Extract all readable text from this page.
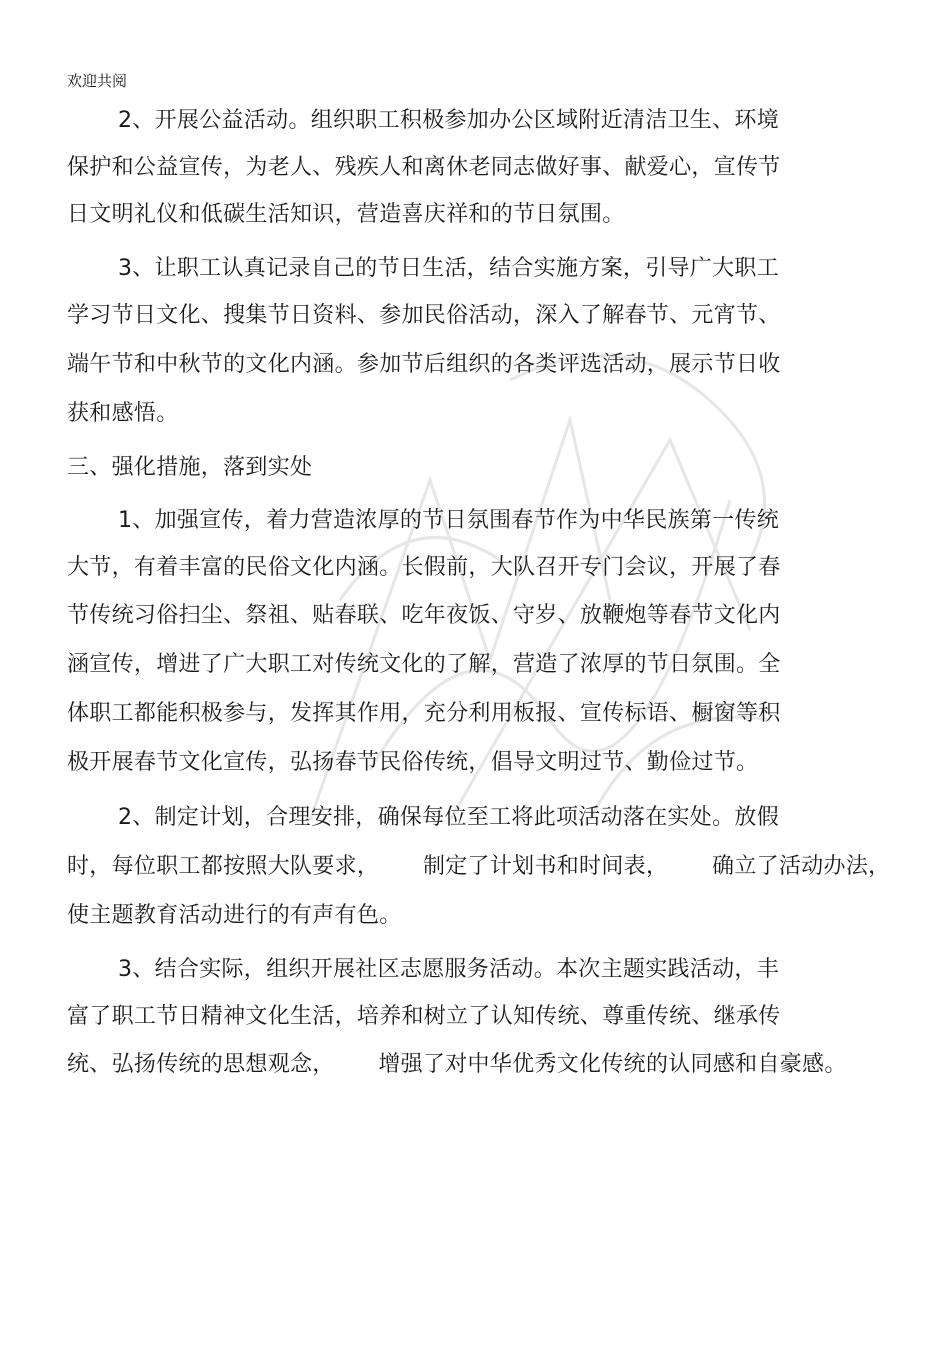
欢迎共阅
2、开展公益活动。组织职工积极参加办公区域附近清洁卫生、环境
保护和公益宣传，为老人、残疾人和离休老同志做好事、献爱心，宣传节
日文明礼仪和低碳生活知识，营造喜庆祥和的节日氛围。
3、让职工认真记录自己的节日生活，结合实施方案，引导广大职工
学习节日文化、搜集节日资料、参加民俗活动，深入了解春节、元宵节、
端午节和中秋节的文化内涵。参加节后组织的各类评选活动，展示节日收
获和感悟。
三、强化措施，落到实处
1、加强宣传，着力营造浓厚的节日氛围春节作为中华民族第一传统
大节，有着丰富的民俗文化内涵。长假前，大队召开专门会议，开展了春
节传统习俗扫尘、祭祖、贴春联、吃年夜饭、守岁、放鞭炮等春节文化内
涵宣传，增进了广大职工对传统文化的了解，营造了浓厚的节日氛围。全
体职工都能积极参与，发挥其作用，充分利用板报、宣传标语、橱窗等积
极开展春节文化宣传，弘扬春节民俗传统，倡导文明过节、勤俭过节。
2、制定计划，合理安排，确保每位至工将此项活动落在实处。放假
时，每位职工都按照大队要求，      制定了计划书和时间表，      确立了活动办法，
使主题教育活动进行的有声有色。
3、结合实际，组织开展社区志愿服务活动。本次主题实践活动，丰
富了职工节日精神文化生活，培养和树立了认知传统、尊重传统、继承传
统、弘扬传统的思想观念，      增强了对中华优秀文化传统的认同感和自豪感。
